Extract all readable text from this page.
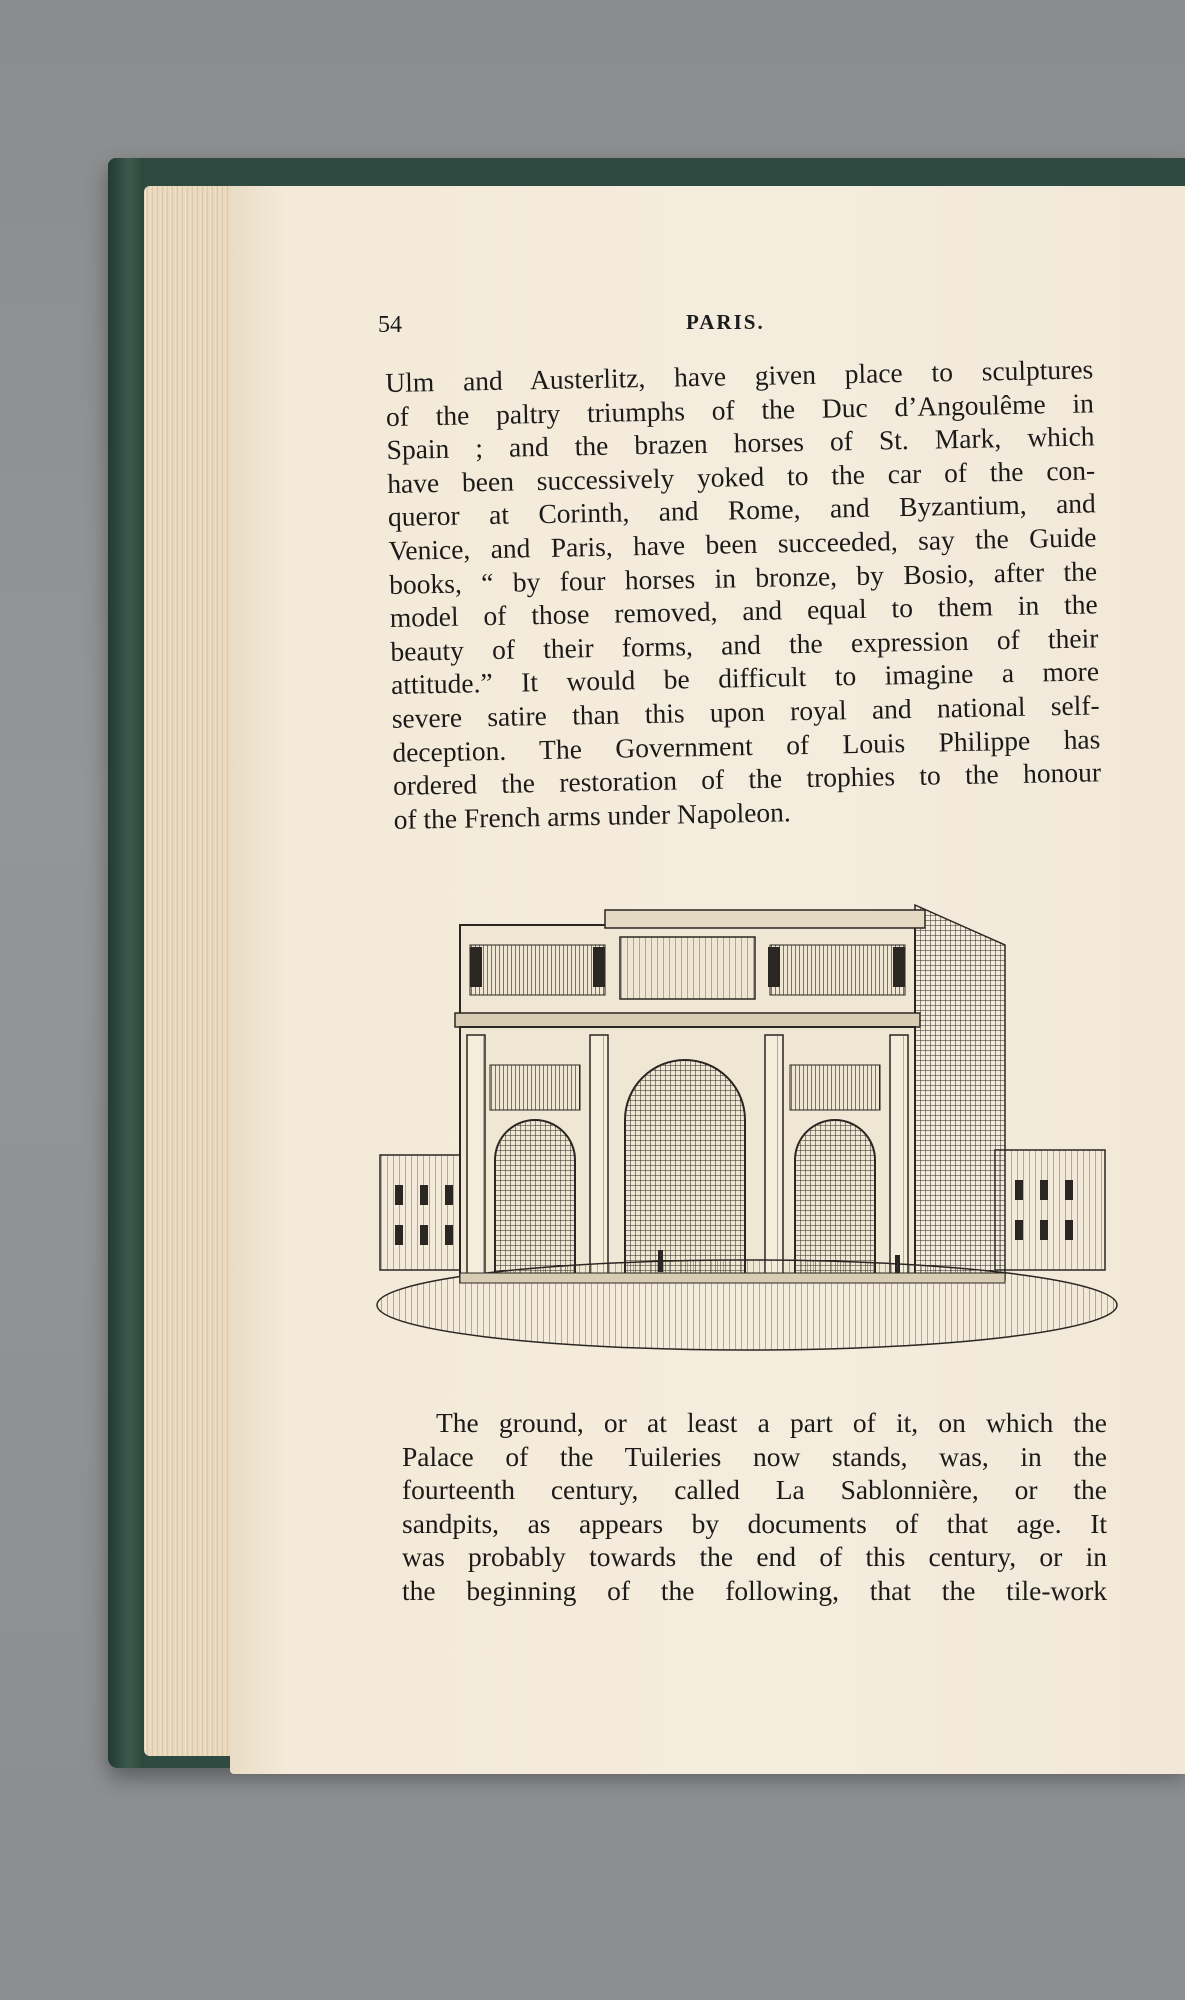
54	PARIS.
Ulm and Austerlitz, have given place to sculptures
of the paltry triumphs of the Duc d’Angoulême in
Spain ; and the brazen horses of St. Mark, which
have been successively yoked to the car of the con-
queror at Corinth, and Rome, and Byzantium, and
Venice, and Paris, have been succeeded, say the Guide
books, “ by four horses in bronze, by Bosio, after the
model of those removed, and equal to them in the
beauty of their forms, and the expression of their
attitude.” It would be difficult to imagine a more
severe satire than this upon royal and national self-
deception. The Government of Louis Philippe has
ordered the restoration of the trophies to the honour
of the French arms under Napoleon.
The ground, or at least a part of it, on which the
Palace of the Tuileries now stands, was, in the
fourteenth century, called La Sablonnière, or the
sandpits, as appears by documents of that age. It
was probably towards the end of this century, or in
the beginning of the following, that the tile-work
